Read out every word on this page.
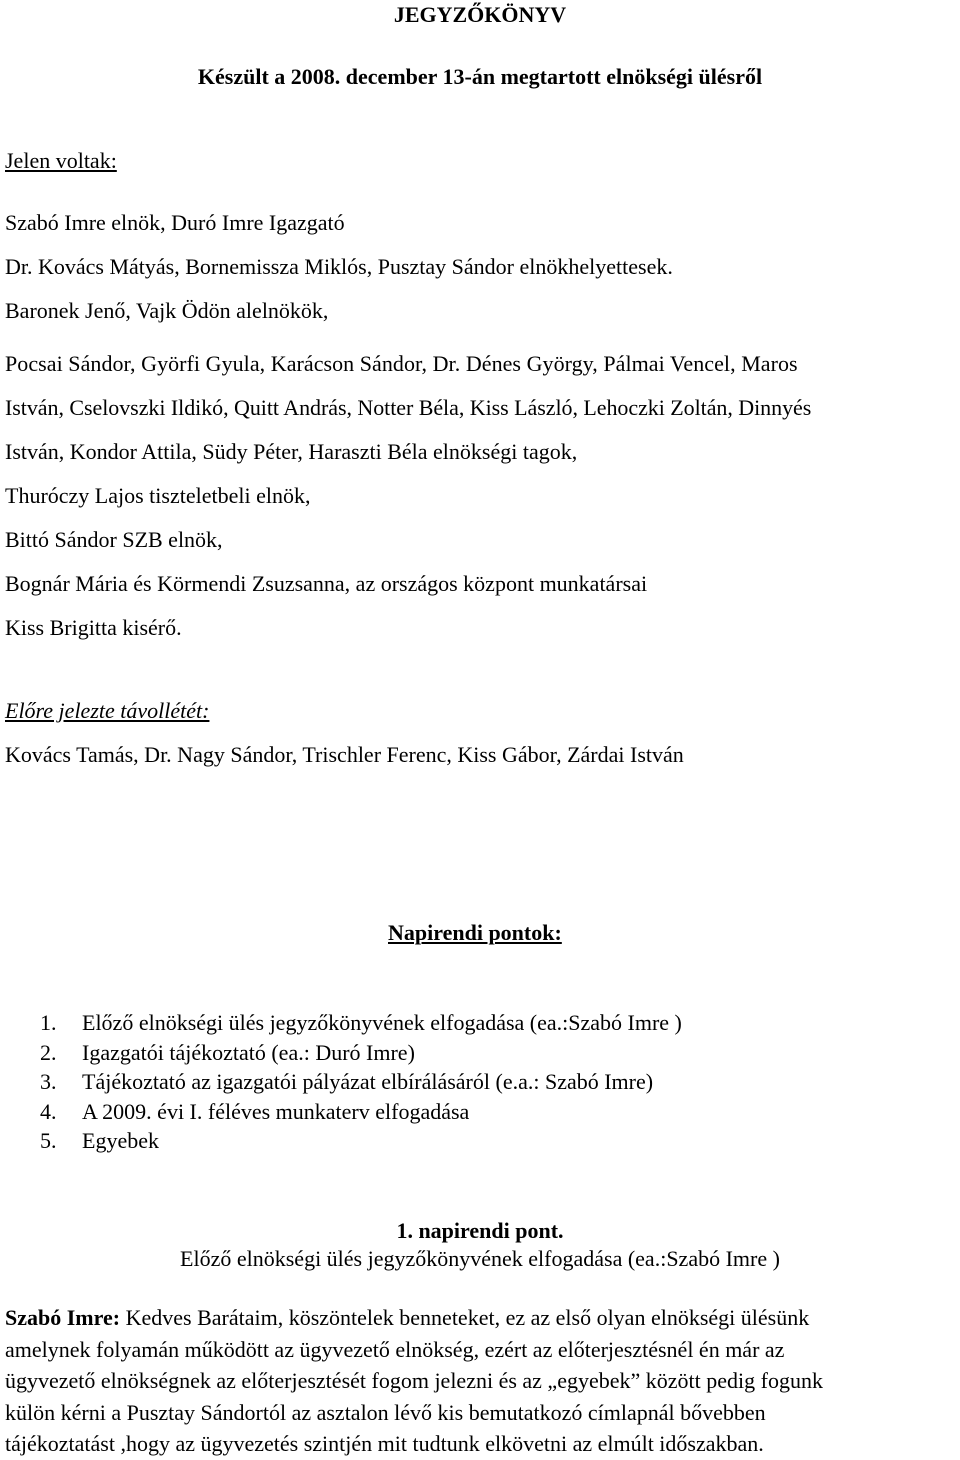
JEGYZŐKÖNYV
Készült a 2008. december 13-án megtartott elnökségi ülésről
Jelen voltak:
Szabó Imre elnök, Duró Imre Igazgató
Dr. Kovács Mátyás, Bornemissza Miklós, Pusztay Sándor elnökhelyettesek.
Baronek Jenő, Vajk Ödön alelnökök,
Pocsai Sándor, Györfi Gyula, Karácson Sándor, Dr. Dénes György, Pálmai Vencel, Maros
István, Cselovszki Ildikó, Quitt András, Notter Béla, Kiss László, Lehoczki Zoltán, Dinnyés
István, Kondor Attila, Südy Péter, Haraszti Béla elnökségi tagok,
Thuróczy Lajos tiszteletbeli elnök,
Bittó Sándor SZB elnök,
Bognár Mária és Körmendi Zsuzsanna, az országos központ munkatársai
Kiss Brigitta kisérő.
Előre jelezte távollétét:
Kovács Tamás, Dr. Nagy Sándor, Trischler Ferenc, Kiss Gábor, Zárdai István
Napirendi pontok:
1.	Előző elnökségi ülés jegyzőkönyvének elfogadása (ea.:Szabó Imre )
2.	Igazgatói tájékoztató (ea.: Duró Imre)
3.	Tájékoztató az igazgatói pályázat elbírálásáról (e.a.: Szabó Imre)
4.	A 2009. évi I. féléves munkaterv elfogadása
5.	Egyebek
1. napirendi pont.
Előző elnökségi ülés jegyzőkönyvének elfogadása (ea.:Szabó Imre )
Szabó Imre: Kedves Barátaim, köszöntelek benneteket, ez az első olyan elnökségi ülésünk
amelynek folyamán működött az ügyvezető elnökség, ezért az előterjesztésnél én már az
ügyvezető elnökségnek az előterjesztését fogom jelezni és az „egyebek” között pedig fogunk
külön kérni a Pusztay Sándortól az asztalon lévő kis bemutatkozó címlapnál bővebben
tájékoztatást ,hogy az ügyvezetés szintjén mit tudtunk elkövetni az elmúlt időszakban.
